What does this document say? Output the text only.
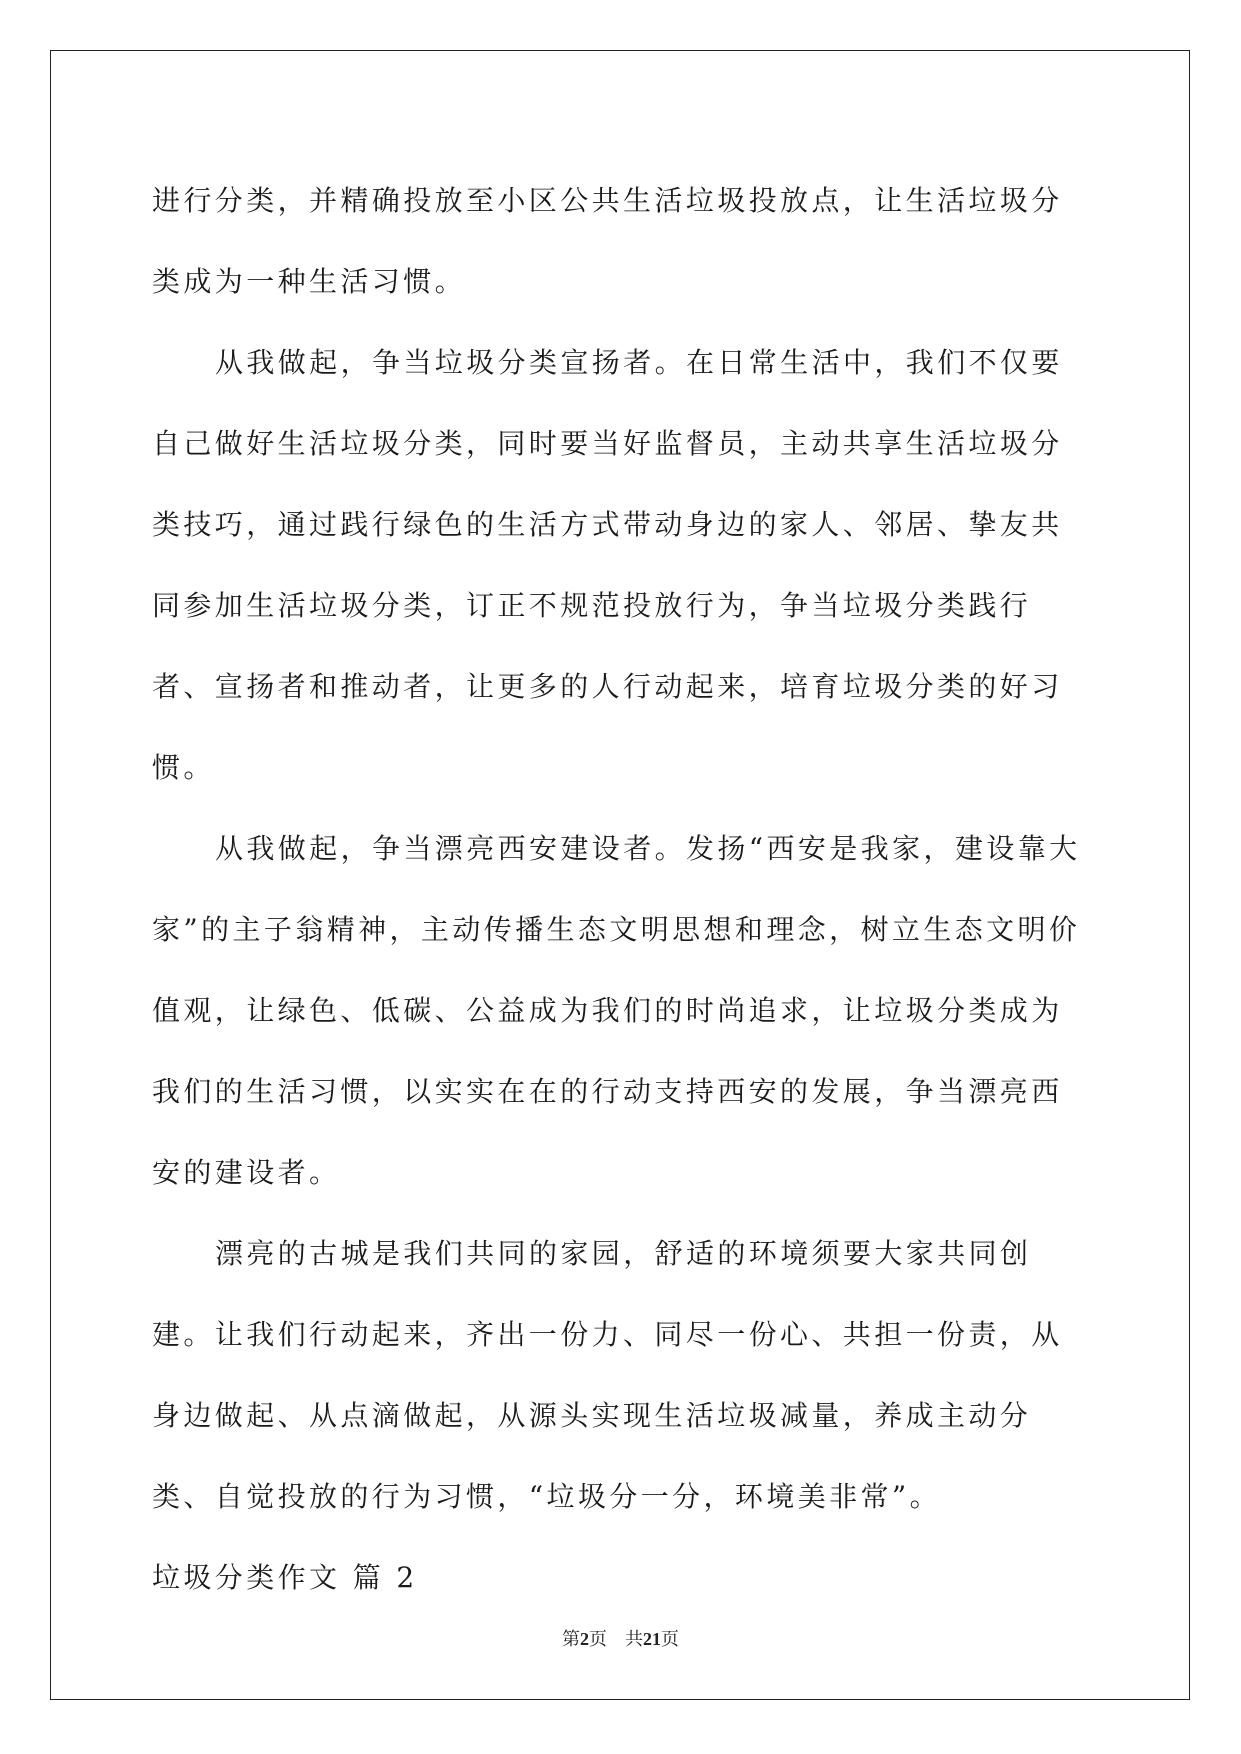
进行分类，并精确投放至小区公共生活垃圾投放点，让生活垃圾分类成为一种生活习惯。

从我做起，争当垃圾分类宣扬者。在日常生活中，我们不仅要自己做好生活垃圾分类，同时要当好监督员，主动共享生活垃圾分类技巧，通过践行绿色的生活方式带动身边的家人、邻居、挚友共同参加生活垃圾分类，订正不规范投放行为，争当垃圾分类践行者、宣扬者和推动者，让更多的人行动起来，培育垃圾分类的好习惯。

从我做起，争当漂亮西安建设者。发扬“西安是我家，建设靠大家”的主子翁精神，主动传播生态文明思想和理念，树立生态文明价值观，让绿色、低碳、公益成为我们的时尚追求，让垃圾分类成为我们的生活习惯，以实实在在的行动支持西安的发展，争当漂亮西安的建设者。

漂亮的古城是我们共同的家园，舒适的环境须要大家共同创建。让我们行动起来，齐出一份力、同尽一份心、共担一份责，从身边做起、从点滴做起，从源头实现生活垃圾减量，养成主动分类、自觉投放的行为习惯，“垃圾分一分，环境美非常”。

垃圾分类作文 篇 2
第2页 共21页
